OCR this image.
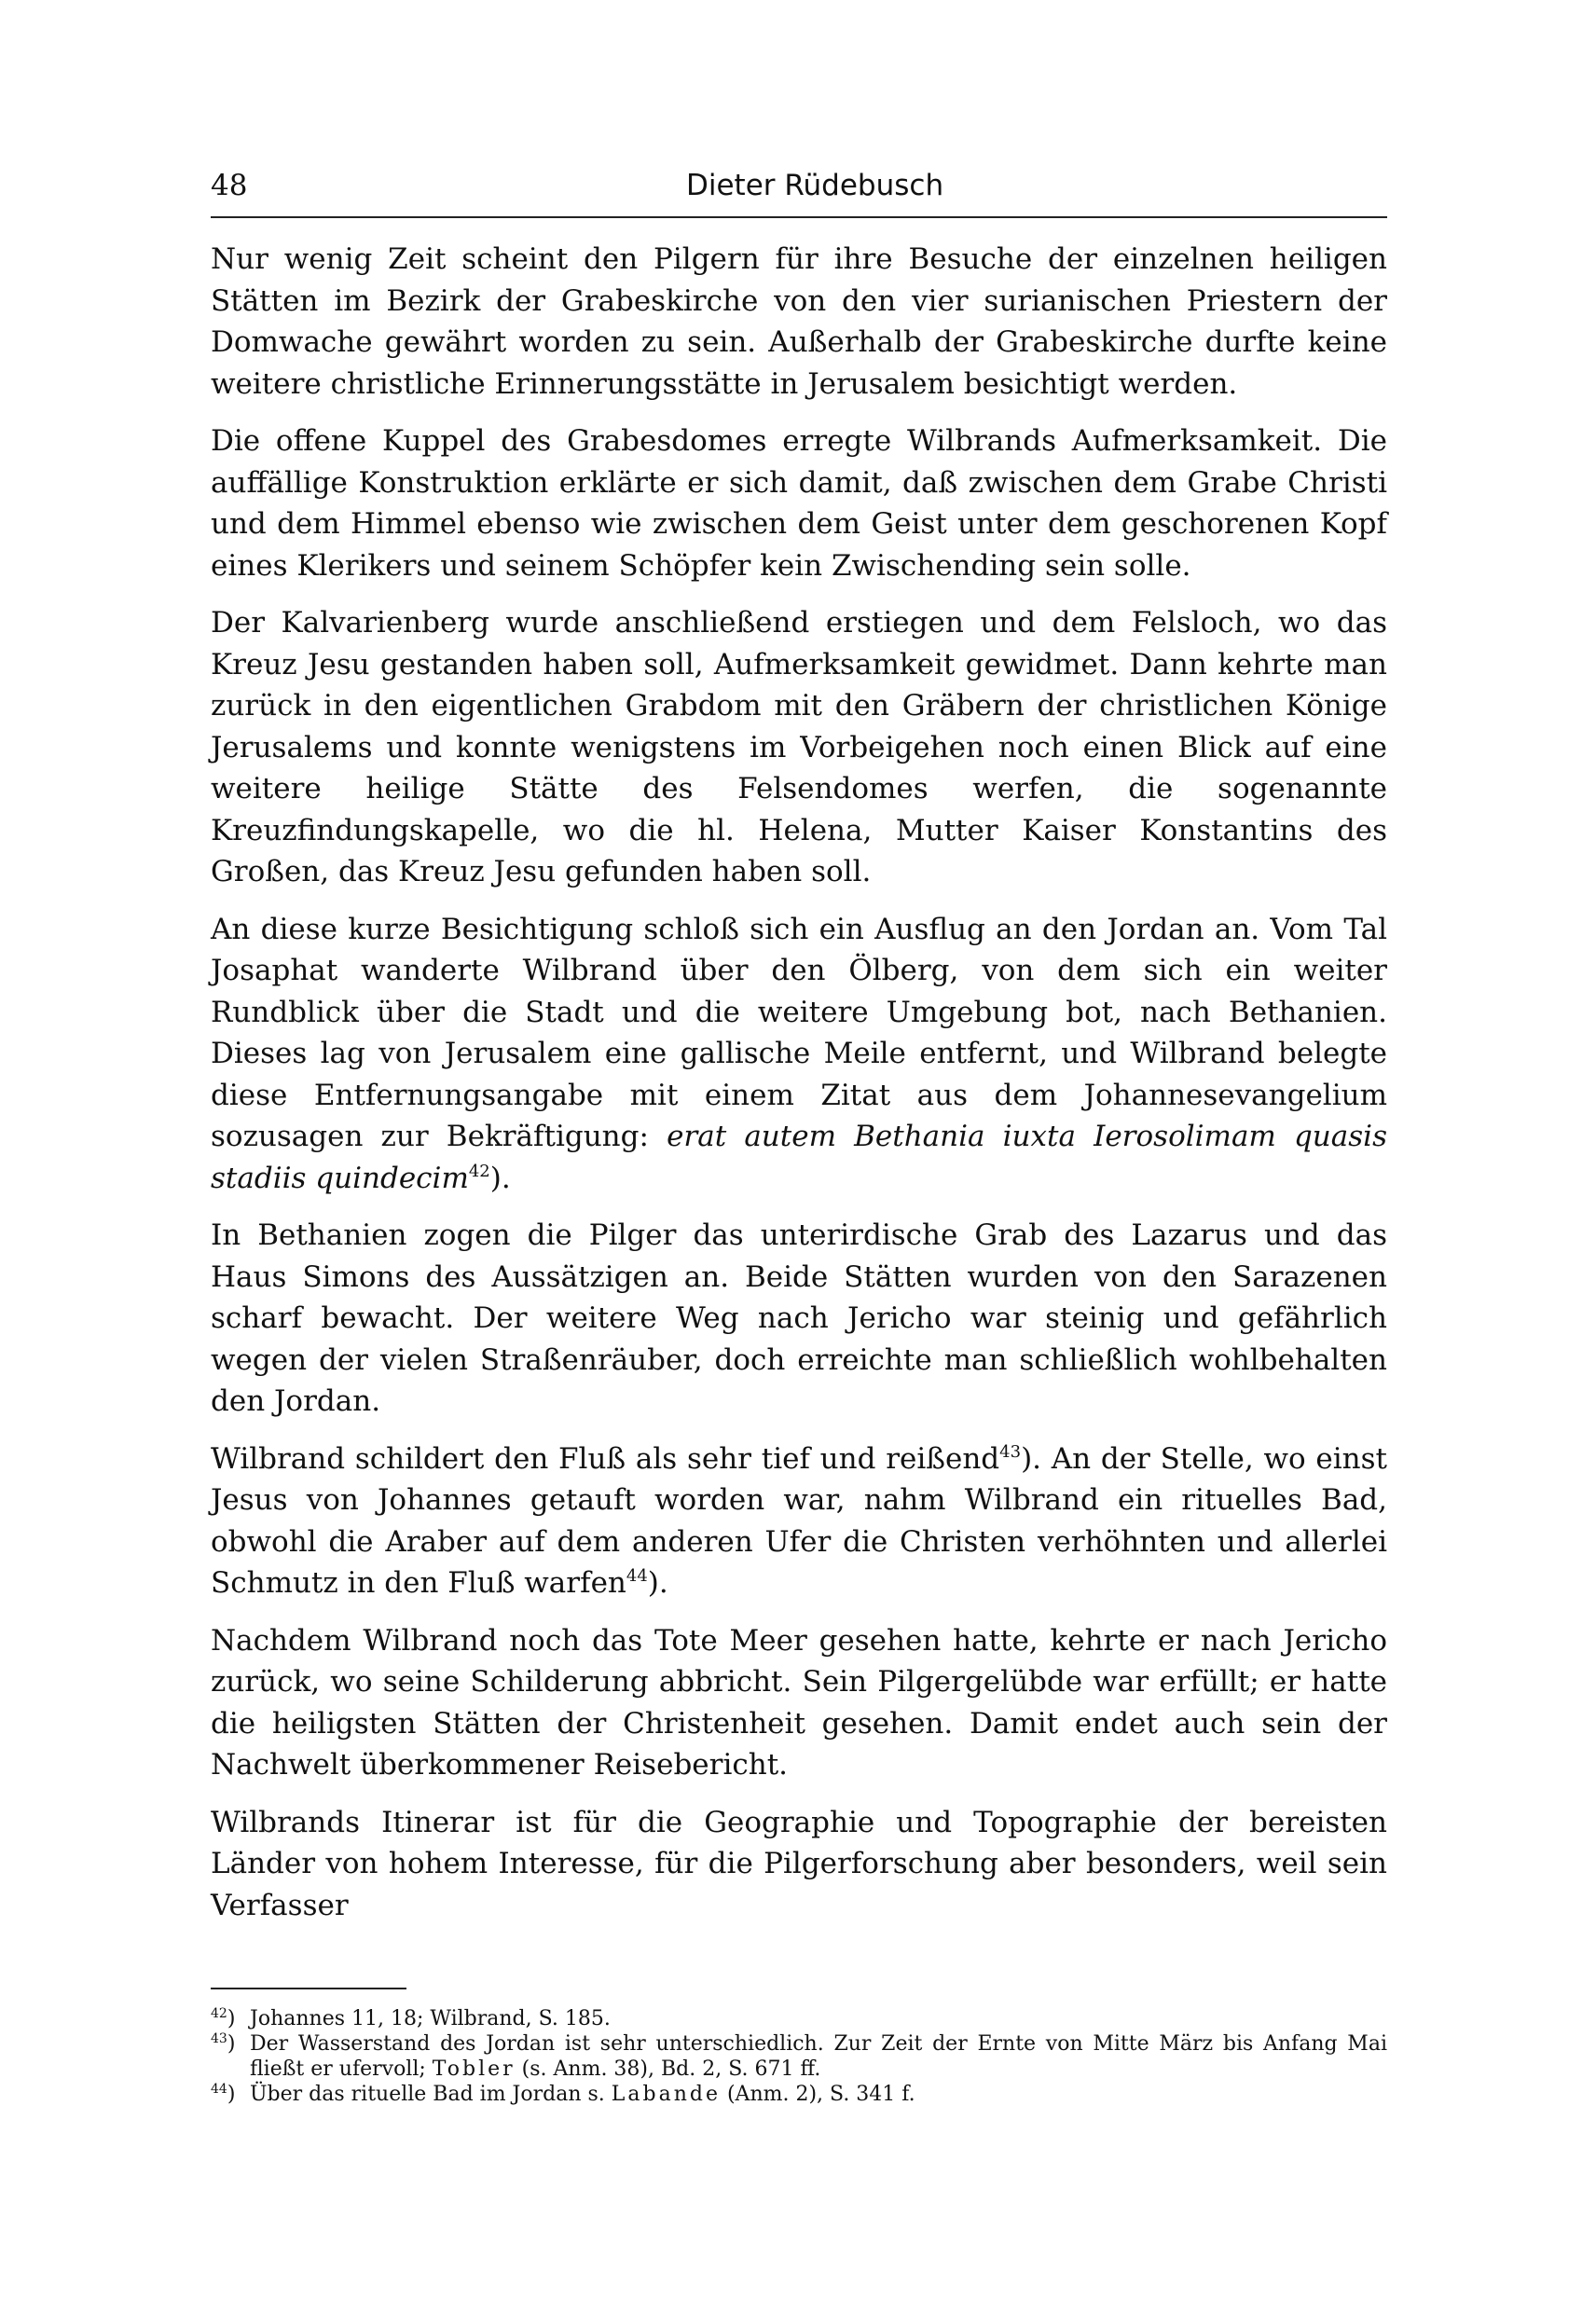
48	Dieter Rüdebusch

Nur wenig Zeit scheint den Pilgern für ihre Besuche der einzelnen heiligen Stätten im Bezirk der Grabeskirche von den vier surianischen Priestern der Domwache gewährt worden zu sein. Außerhalb der Grabeskirche durfte keine weitere christliche Erinnerungsstätte in Jerusalem besichtigt werden.

Die offene Kuppel des Grabesdomes erregte Wilbrands Aufmerksamkeit. Die auffällige Konstruktion erklärte er sich damit, daß zwischen dem Grabe Christi und dem Himmel ebenso wie zwischen dem Geist unter dem geschorenen Kopf eines Klerikers und seinem Schöpfer kein Zwischending sein solle.

Der Kalvarienberg wurde anschließend erstiegen und dem Felsloch, wo das Kreuz Jesu gestanden haben soll, Aufmerksamkeit gewidmet. Dann kehrte man zurück in den eigentlichen Grabdom mit den Gräbern der christlichen Könige Jerusalems und konnte wenigstens im Vorbeigehen noch einen Blick auf eine weitere heilige Stätte des Felsendomes werfen, die sogenannte Kreuzfindungskapelle, wo die hl. Helena, Mutter Kaiser Konstantins des Großen, das Kreuz Jesu gefunden haben soll.

An diese kurze Besichtigung schloß sich ein Ausflug an den Jordan an. Vom Tal Josaphat wanderte Wilbrand über den Ölberg, von dem sich ein weiter Rundblick über die Stadt und die weitere Umgebung bot, nach Bethanien. Dieses lag von Jerusalem eine gallische Meile entfernt, und Wilbrand belegte diese Entfernungsangabe mit einem Zitat aus dem Johannesevangelium sozusagen zur Bekräftigung: erat autem Bethania iuxta Ierosolimam quasis stadiis quindecim$^{42}$).

In Bethanien zogen die Pilger das unterirdische Grab des Lazarus und das Haus Simons des Aussätzigen an. Beide Stätten wurden von den Sarazenen scharf bewacht. Der weitere Weg nach Jericho war steinig und gefährlich wegen der vielen Straßenräuber, doch erreichte man schließlich wohlbehalten den Jordan.

Wilbrand schildert den Fluß als sehr tief und reißend$^{43}$). An der Stelle, wo einst Jesus von Johannes getauft worden war, nahm Wilbrand ein rituelles Bad, obwohl die Araber auf dem anderen Ufer die Christen verhöhnten und allerlei Schmutz in den Fluß warfen$^{44}$).

Nachdem Wilbrand noch das Tote Meer gesehen hatte, kehrte er nach Jericho zurück, wo seine Schilderung abbricht. Sein Pilgergelübde war erfüllt; er hatte die heiligsten Stätten der Christenheit gesehen. Damit endet auch sein der Nachwelt überkommener Reisebericht.

Wilbrands Itinerar ist für die Geographie und Topographie der bereisten Länder von hohem Interesse, für die Pilgerforschung aber besonders, weil sein Verfasser

$^{42}$) Johannes 11, 18; Wilbrand, S. 185.
$^{43}$) Der Wasserstand des Jordan ist sehr unterschiedlich. Zur Zeit der Ernte von Mitte März bis Anfang Mai fließt er ufervoll; Tobler (s. Anm. 38), Bd. 2, S. 671 ff.
$^{44}$) Über das rituelle Bad im Jordan s. Labande (Anm. 2), S. 341 f.
